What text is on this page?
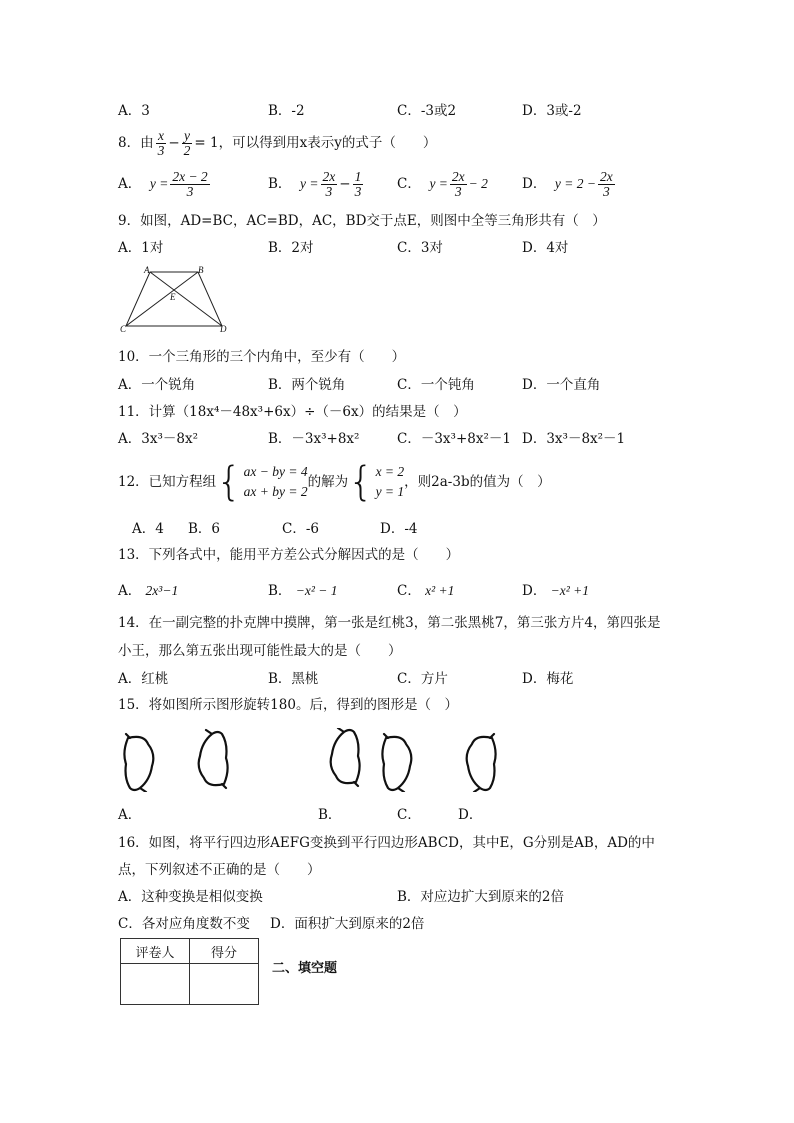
A．3	B．-2	C．-3或2	D．3或-2
8．由 x
$3 - \frac{y}{2} = 1$ ，可以得到用x表示y的式子（　　）
A．
$y = \frac{2x - 2}{3}$	B．
$y = \frac{2x}{3} - \frac{1}{3}$ C．
$y = \frac{2x}{3} - 2$	D．
$y = 2 - \frac{2x}{3}$
9．如图，AD=BC，AC=BD，AC，BD交于点E，则图中全等三角形共有（　）
A．1对	B．2对	C．3对	D．4对
A	B
C	D
E
10．一个三角形的三个内角中，至少有（　　）
A．一个锐角	B．两个锐角	C．一个钝角	D．一个直角
11．计算（18x⁴－48x³+6x）÷（－6x）的结果是（　）
A．3x³－8x²	B．－3x³+8x²	C．－3x³+8x²－1 D．3x³－8x²－1
12．已知方程组 { ax − by = 4
ax + by = 2
的解为 { x = 2
y = 1
，则2a-3b的值为（　）
A．4 B．6	C．-6	D．-4
13．下列各式中，能用平方差公式分解因式的是（　　）
A． 2x³−1	B． −x² − 1	C． x² +1	D． −x² +1
14．在一副完整的扑克牌中摸牌，第一张是红桃3，第二张黑桃7，第三张方片4，第四张是
小王，那么第五张出现可能性最大的是（　　）
A．红桃	B．黑桃	C．方片	D．梅花
15．将如图所示图形旋转180。后，得到的图形是（　）
A．	B．	C．	D．
16．如图，将平行四边形AEFG变换到平行四边形ABCD，其中E，G分别是AB，AD的中
点，下列叙述不正确的是（　　）
A．这种变换是相似变换	B．对应边扩大到原来的2倍
C．各对应角度数不变 D．面积扩大到原来的2倍
评卷人	得分

二、填空题
